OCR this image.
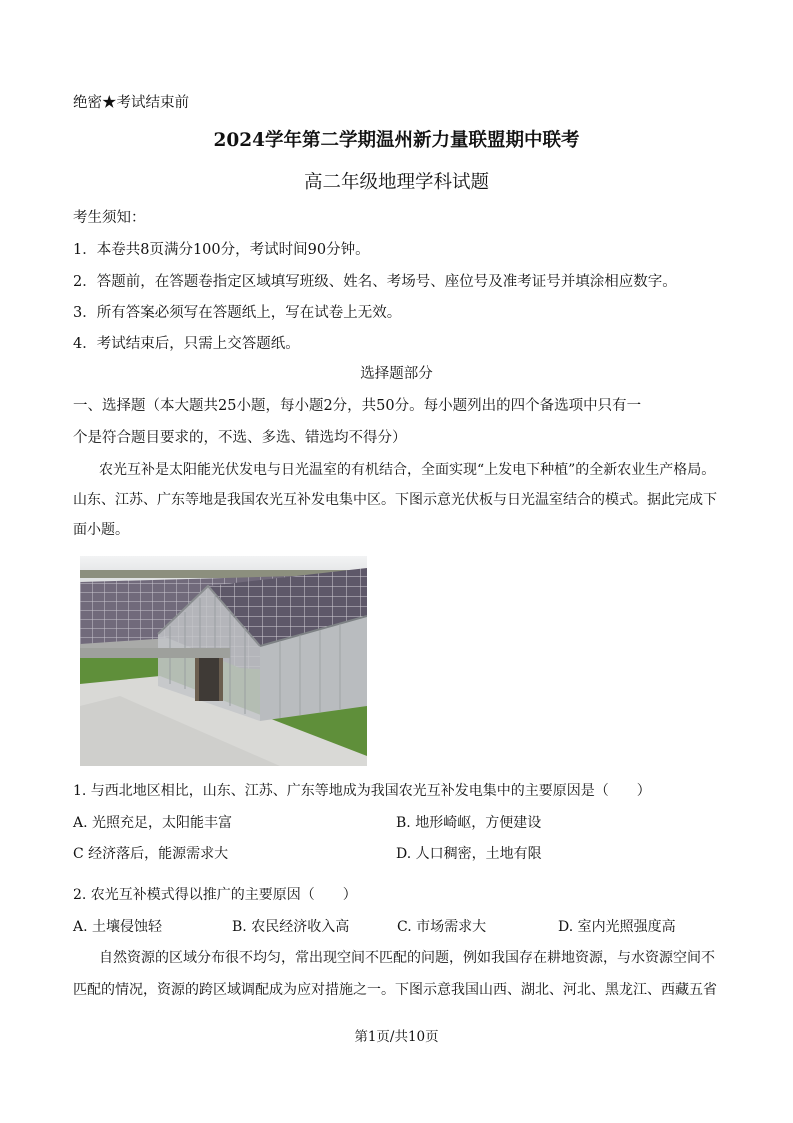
绝密★考试结束前
2024学年第二学期温州新力量联盟期中联考
高二年级地理学科试题
考生须知：
1．本卷共8页满分100分，考试时间90分钟。
2．答题前，在答题卷指定区域填写班级、姓名、考场号、座位号及准考证号并填涂相应数字。
3．所有答案必须写在答题纸上，写在试卷上无效。
4．考试结束后，只需上交答题纸。
选择题部分
一、选择题（本大题共25小题，每小题2分，共50分。每小题列出的四个备选项中只有一
个是符合题目要求的，不选、多选、错选均不得分）
农光互补是太阳能光伏发电与日光温室的有机结合，全面实现“上发电下种植”的全新农业生产格局。
山东、江苏、广东等地是我国农光互补发电集中区。下图示意光伏板与日光温室结合的模式。据此完成下
面小题。
1. 与西北地区相比，山东、江苏、广东等地成为我国农光互补发电集中的主要原因是（　　）
A. 光照充足，太阳能丰富	B. 地形崎岖，方便建设
C 经济落后，能源需求大	D. 人口稠密，土地有限
2. 农光互补模式得以推广的主要原因（　　）
A. 土壤侵蚀轻	B. 农民经济收入高	C. 市场需求大	D. 室内光照强度高
自然资源的区域分布很不均匀，常出现空间不匹配的问题，例如我国存在耕地资源，与水资源空间不
匹配的情况，资源的跨区域调配成为应对措施之一。下图示意我国山西、湖北、河北、黑龙江、西藏五省
第1页/共10页
